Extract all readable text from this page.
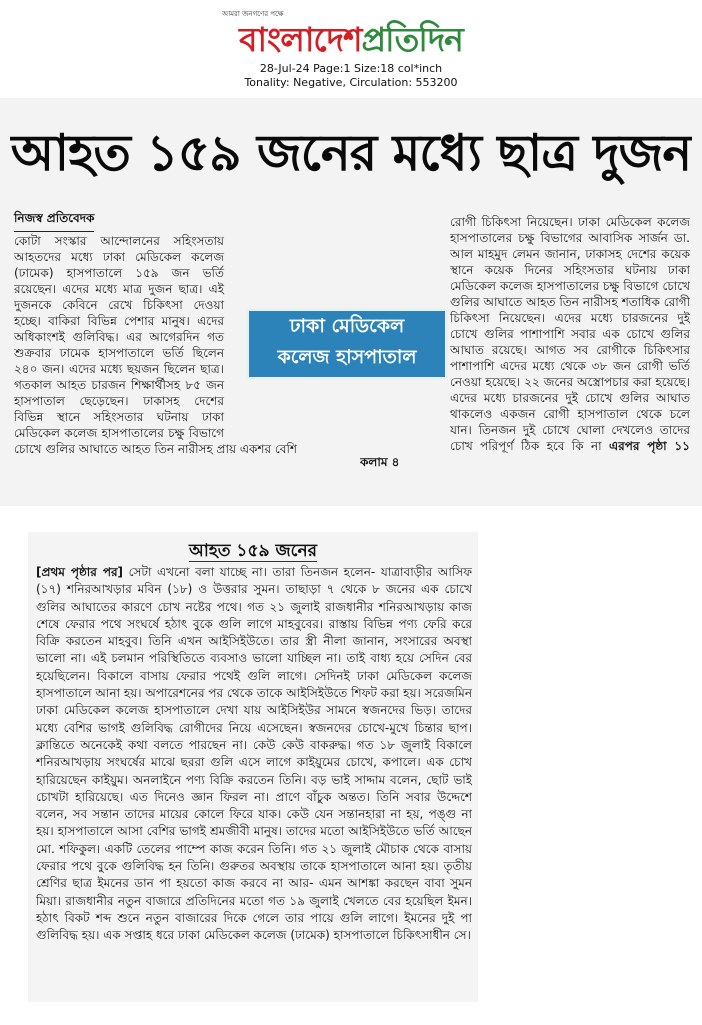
আমরা জনগণের পক্ষে
বাংলাদেশপ্রতিদিন
28-Jul-24 Page:1 Size:18 col*inch
Tonality: Negative, Circulation: 553200
আহত ১৫৯ জনের মধ্যে ছাত্র দুজন
নিজস্ব প্রতিবেদক
কোটা সংস্কার আন্দোলনের সহিংসতায় আহতদের মধ্যে ঢাকা মেডিকেল কলেজ (ঢামেক) হাসপাতালে ১৫৯ জন ভর্তি রয়েছেন। এদের মধ্যে মাত্র দুজন ছাত্র। এই দুজনকে কেবিনে রেখে চিকিৎসা দেওয়া হচ্ছে। বাকিরা বিভিন্ন পেশার মানুষ। এদের অধিকাংশই গুলিবিদ্ধ। এর আগেরদিন গত শুক্রবার ঢামেক হাসপাতালে ভর্তি ছিলেন ২৪০ জন। এদের মধ্যে ছয়জন ছিলেন ছাত্র। গতকাল আহত চারজন শিক্ষার্থীসহ ৮৫ জন হাসপাতাল ছেড়েছেন। ঢাকাসহ দেশের বিভিন্ন স্থানে সহিংসতার ঘটনায় ঢাকা মেডিকেল কলেজ হাসপাতালের চক্ষু বিভাগে চোখে গুলির আঘাতে আহত তিন নারীসহ প্রায় একশর বেশি
রোগী চিকিৎসা নিয়েছেন। ঢাকা মেডিকেল কলেজ হাসপাতালের চক্ষু বিভাগের আবাসিক সার্জন ডা. আল মাহমুদ লেমন জানান, ঢাকাসহ দেশের কয়েক স্থানে কয়েক দিনের সহিংসতার ঘটনায় ঢাকা মেডিকেল কলেজ হাসপাতালের চক্ষু বিভাগে চোখে গুলির আঘাতে আহত তিন নারীসহ শতাধিক রোগী চিকিৎসা নিয়েছেন। এদের মধ্যে চারজনের দুই চোখে গুলির পাশাপাশি সবার এক চোখে গুলির আঘাত রয়েছে। আগত সব রোগীকে চিকিৎসার পাশাপাশি এদের মধ্যে থেকে ৩৮ জন রোগী ভর্তি নেওয়া হয়েছে। ২২ জনের অস্ত্রোপচার করা হয়েছে। এদের মধ্যে চারজনের দুই চোখে গুলির আঘাত থাকলেও একজন রোগী হাসপাতাল থেকে চলে যান। তিনজন দুই চোখে ঘোলা দেখলেও তাদের চোখ পরিপূর্ণ ঠিক হবে কি না এরপর পৃষ্ঠা ১১ কলাম ৪
ঢাকা মেডিকেল
কলেজ হাসপাতাল
আহত ১৫৯ জনের
[প্রথম পৃষ্ঠার পর] সেটা এখনো বলা যাচ্ছে না। তারা তিনজন হলেন- যাত্রাবাড়ীর আসিফ (১৭) শনিরআখড়ার মবিন (১৮) ও উত্তরার সুমন। তাছাড়া ৭ থেকে ৮ জনের এক চোখে গুলির আঘাতের কারণে চোখ নষ্টের পথে। গত ২১ জুলাই রাজধানীর শনিরআখড়ায় কাজ শেষে ফেরার পথে সংঘর্ষে হঠাৎ বুকে গুলি লাগে মাহবুবের। রাস্তায় বিভিন্ন পণ্য ফেরি করে বিক্রি করতেন মাহবুব। তিনি এখন আইসিইউতে। তার স্ত্রী নীলা জানান, সংসারের অবস্থা ভালো না। এই চলমান পরিস্থিতিতে ব্যবসাও ভালো যাচ্ছিল না। তাই বাধ্য হয়ে সেদিন বের হয়েছিলেন। বিকালে বাসায় ফেরার পথেই গুলি লাগে। সেদিনই ঢাকা মেডিকেল কলেজ হাসপাতালে আনা হয়। অপারেশনের পর থেকে তাকে আইসিইউতে শিফট করা হয়। সরেজমিন ঢাকা মেডিকেল কলেজ হাসপাতালে দেখা যায় আইসিইউর সামনে স্বজনদের ভিড়। তাদের মধ্যে বেশির ভাগই গুলিবিদ্ধ রোগীদের নিয়ে এসেছেন। স্বজনদের চোখে-মুখে চিন্তার ছাপ। ক্লান্তিতে অনেকেই কথা বলতে পারছেন না। কেউ কেউ বাকরুদ্ধ। গত ১৮ জুলাই বিকালে শনিরআখড়ায় সংঘর্ষের মাঝে ছররা গুলি এসে লাগে কাইয়ুমের চোখে, কপালে। এক চোখ হারিয়েছেন কাইয়ুম। অনলাইনে পণ্য বিক্রি করতেন তিনি। বড় ভাই সাদ্দাম বলেন, ছোট ভাই চোখটা হারিয়েছে। এত দিনেও জ্ঞান ফিরল না। প্রাণে বাঁচুক অন্তত। তিনি সবার উদ্দেশে বলেন, সব সন্তান তাদের মায়ের কোলে ফিরে যাক। কেউ যেন সন্তানহারা না হয়, পঙ্গু না হয়। হাসপাতালে আসা বেশির ভাগই শ্রমজীবী মানুষ। তাদের মতো আইসিইউতে ভর্তি আছেন মো. শফিকুল। একটি তেলের পাম্পে কাজ করেন তিনি। গত ২১ জুলাই মৌচাক থেকে বাসায় ফেরার পথে বুকে গুলিবিদ্ধ হন তিনি। গুরুতর অবস্থায় তাকে হাসপাতালে আনা হয়। তৃতীয় শ্রেণির ছাত্র ইমনের ডান পা হয়তো কাজ করবে না আর- এমন আশঙ্কা করছেন বাবা সুমন মিয়া। রাজধানীর নতুন বাজারে প্রতিদিনের মতো গত ১৯ জুলাই খেলতে বের হয়েছিল ইমন। হঠাৎ বিকট শব্দ শুনে নতুন বাজারের দিকে গেলে তার পায়ে গুলি লাগে। ইমনের দুই পা গুলিবিদ্ধ হয়। এক সপ্তাহ ধরে ঢাকা মেডিকেল কলেজ (ঢামেক) হাসপাতালে চিকিৎসাধীন সে।
